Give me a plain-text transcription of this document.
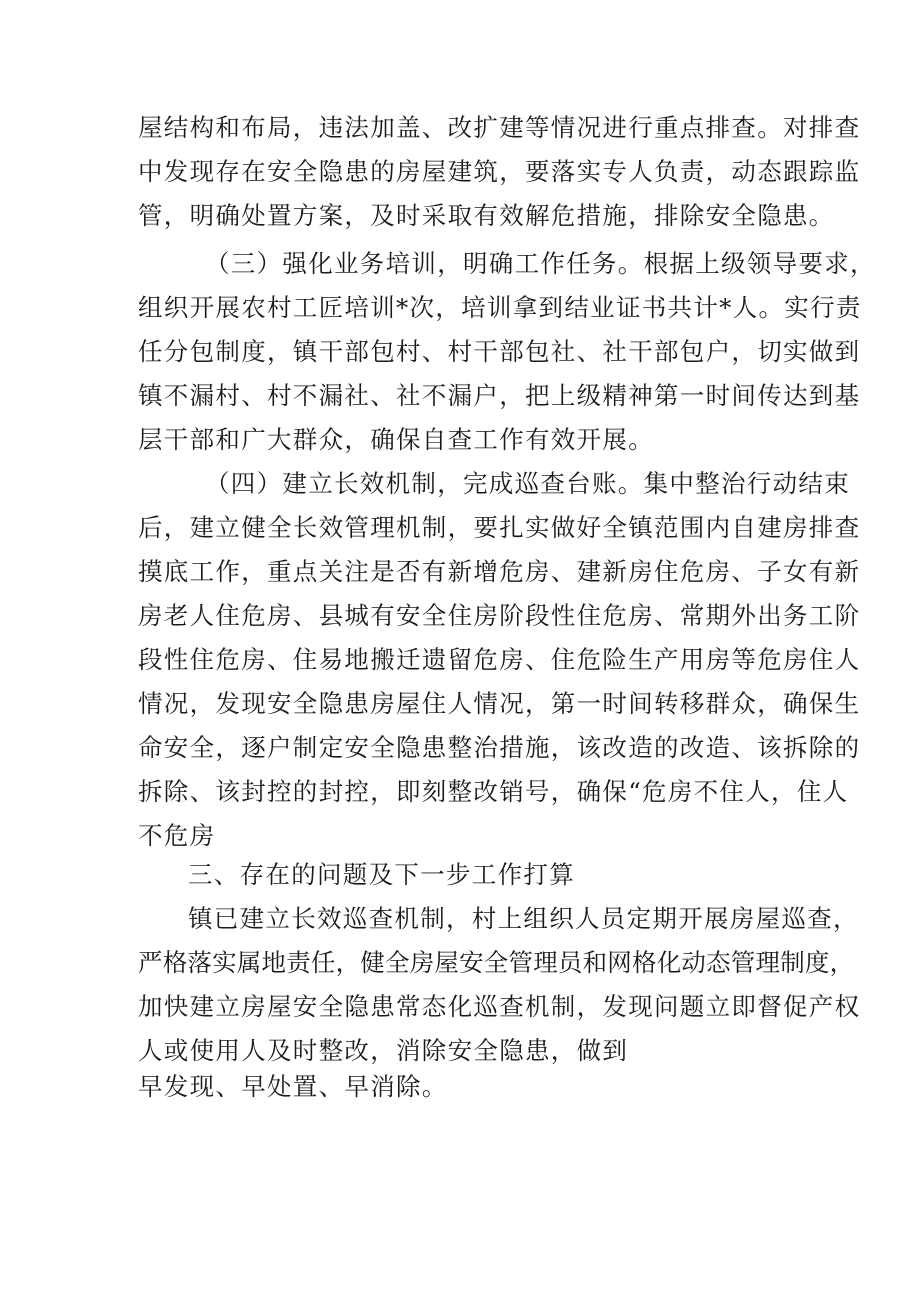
屋结构和布局，违法加盖、改扩建等情况进行重点排查。对排查
中发现存在安全隐患的房屋建筑，要落实专人负责，动态跟踪监
管，明确处置方案，及时采取有效解危措施，排除安全隐患。
（三）强化业务培训，明确工作任务。根据上级领导要求，
组织开展农村工匠培训*次，培训拿到结业证书共计*人。实行责
任分包制度，镇干部包村、村干部包社、社干部包户，切实做到
镇不漏村、村不漏社、社不漏户，把上级精神第一时间传达到基
层干部和广大群众，确保自查工作有效开展。
（四）建立长效机制，完成巡查台账。集中整治行动结束
后，建立健全长效管理机制，要扎实做好全镇范围内自建房排查
摸底工作，重点关注是否有新增危房、建新房住危房、子女有新
房老人住危房、县城有安全住房阶段性住危房、常期外出务工阶
段性住危房、住易地搬迁遗留危房、住危险生产用房等危房住人
情况，发现安全隐患房屋住人情况，第一时间转移群众，确保生
命安全，逐户制定安全隐患整治措施，该改造的改造、该拆除的
拆除、该封控的封控，即刻整改销号，确保“危房不住人，住人
不危房
三、存在的问题及下一步工作打算
镇已建立长效巡查机制，村上组织人员定期开展房屋巡查，
严格落实属地责任，健全房屋安全管理员和网格化动态管理制度，
加快建立房屋安全隐患常态化巡查机制，发现问题立即督促产权
人或使用人及时整改，消除安全隐患，做到
早发现、早处置、早消除。
